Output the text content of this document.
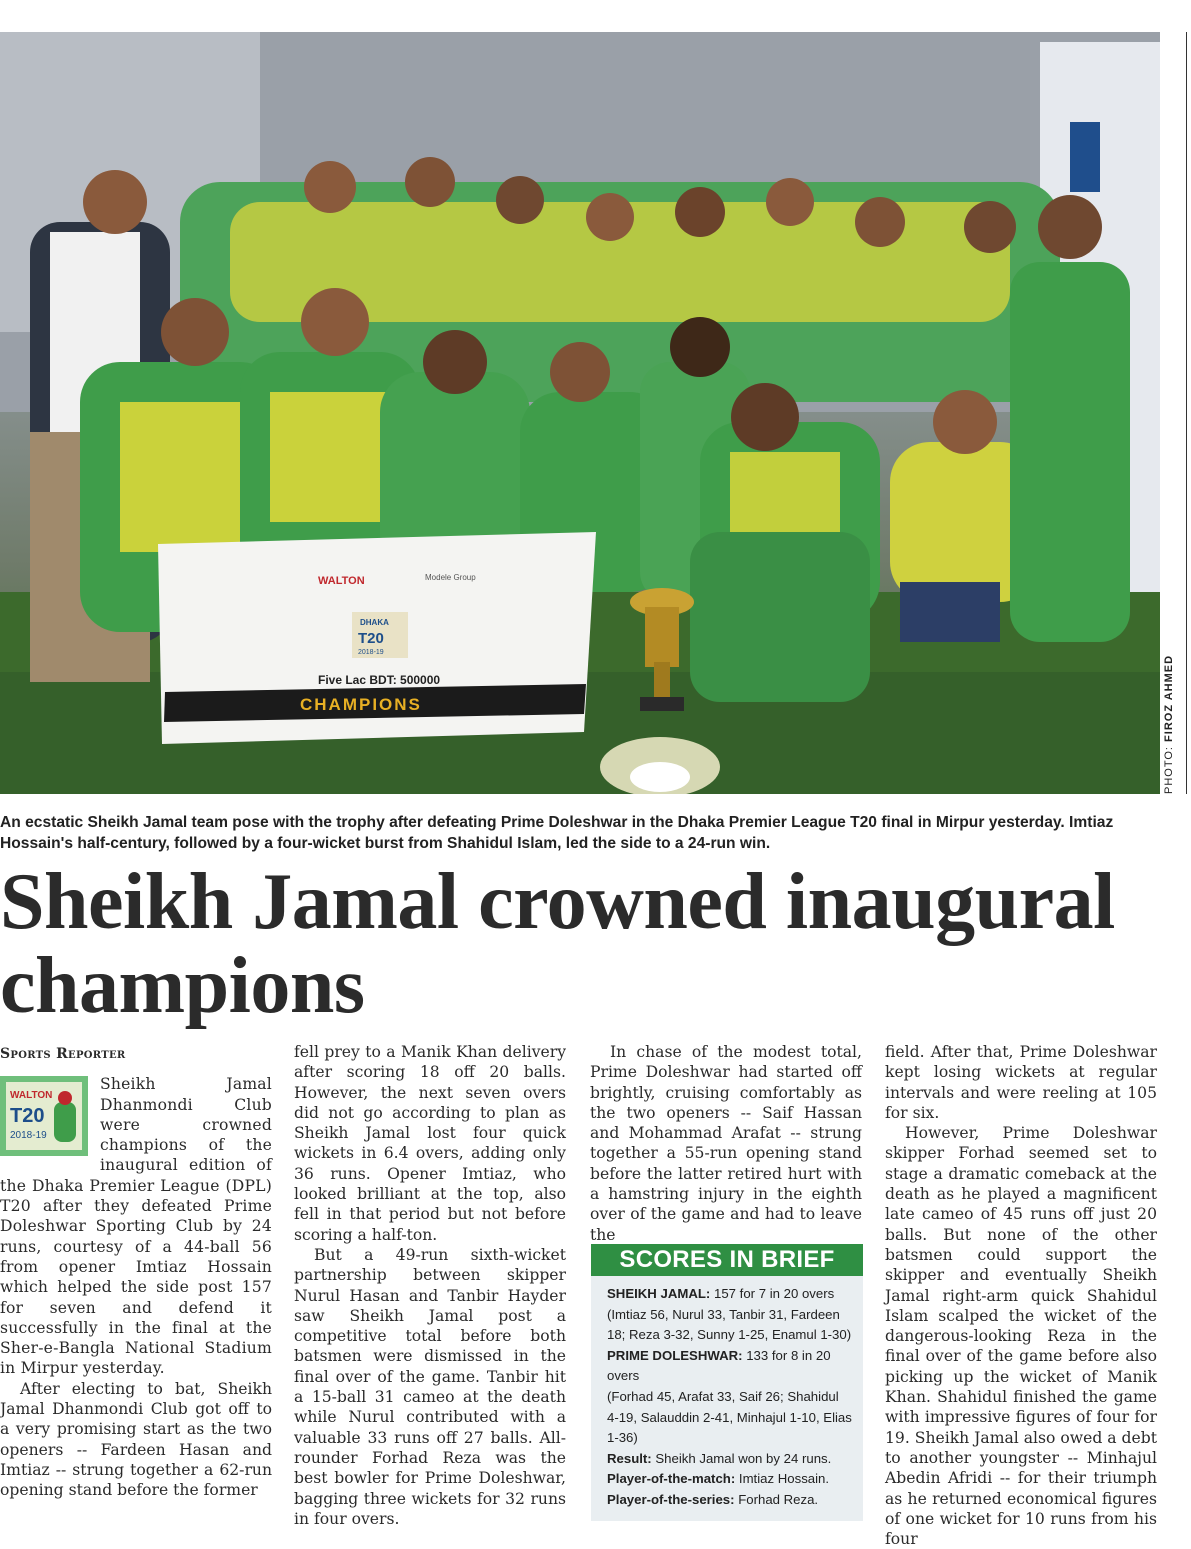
WALTON	Modele Group
DHAKA
T20
2018-19
Five Lac BDT: 500000
CHAMPIONS
PHOTO: FIROZ AHMED
An ecstatic Sheikh Jamal team pose with the trophy after defeating Prime Doleshwar in the Dhaka Premier League T20 final in Mirpur yesterday. Imtiaz Hossain's half-century, followed by a four-wicket burst from Shahidul Islam, led the side to a 24-run win.
Sheikh Jamal crowned inaugural champions
Sports Reporter
WALTON
T20
2018-19

Sheikh Jamal Dhanmondi Club were crowned champions of the inaugural edition of the Dhaka Premier League (DPL) T20 after they defeated Prime Doleshwar Sporting Club by 24 runs, courtesy of a 44-ball 56 from opener Imtiaz Hossain which helped the side post 157 for seven and defend it successfully in the final at the Sher-e-Bangla National Stadium in Mirpur yesterday.

After electing to bat, Sheikh Jamal Dhanmondi Club got off to a very promising start as the two openers -- Fardeen Hasan and Imtiaz -- strung together a 62-run opening stand before the former

fell prey to a Manik Khan delivery after scoring 18 off 20 balls. However, the next seven overs did not go according to plan as Sheikh Jamal lost four quick wickets in 6.4 overs, adding only 36 runs. Opener Imtiaz, who looked brilliant at the top, also fell in that period but not before scoring a half-ton.

But a 49-run sixth-wicket partnership between skipper Nurul Hasan and Tanbir Hayder saw Sheikh Jamal post a competitive total before both batsmen were dismissed in the final over of the game. Tanbir hit a 15-ball 31 cameo at the death while Nurul contributed with a valuable 33 runs off 27 balls. All-rounder Forhad Reza was the best bowler for Prime Doleshwar, bagging three wickets for 32 runs in four overs.

In chase of the modest total, Prime Doleshwar had started off brightly, cruising comfortably as the two openers -- Saif Hassan and Mohammad Arafat -- strung together a 55-run opening stand before the latter retired hurt with a hamstring injury in the eighth over of the game and had to leave the

SCORES IN BRIEF
SHEIKH JAMAL: 157 for 7 in 20 overs
(Imtiaz 56, Nurul 33, Tanbir 31, Fardeen 18; Reza 3-32, Sunny 1-25, Enamul 1-30)
PRIME DOLESHWAR: 133 for 8 in 20 overs
(Forhad 45, Arafat 33, Saif 26; Shahidul 4-19, Salauddin 2-41, Minhajul 1-10, Elias 1-36)
Result: Sheikh Jamal won by 24 runs.
Player-of-the-match: Imtiaz Hossain.
Player-of-the-series: Forhad Reza.

field. After that, Prime Doleshwar kept losing wickets at regular intervals and were reeling at 105 for six.

However, Prime Doleshwar skipper Forhad seemed set to stage a dramatic comeback at the death as he played a magnificent late cameo of 45 runs off just 20 balls. But none of the other batsmen could support the skipper and eventually Sheikh Jamal right-arm quick Shahidul Islam scalped the wicket of the dangerous-looking Reza in the final over of the game before also picking up the wicket of Manik Khan. Shahidul finished the game with impressive figures of four for 19. Sheikh Jamal also owed a debt to another youngster -- Minhajul Abedin Afridi -- for their triumph as he returned economical figures of one wicket for 10 runs from his four
